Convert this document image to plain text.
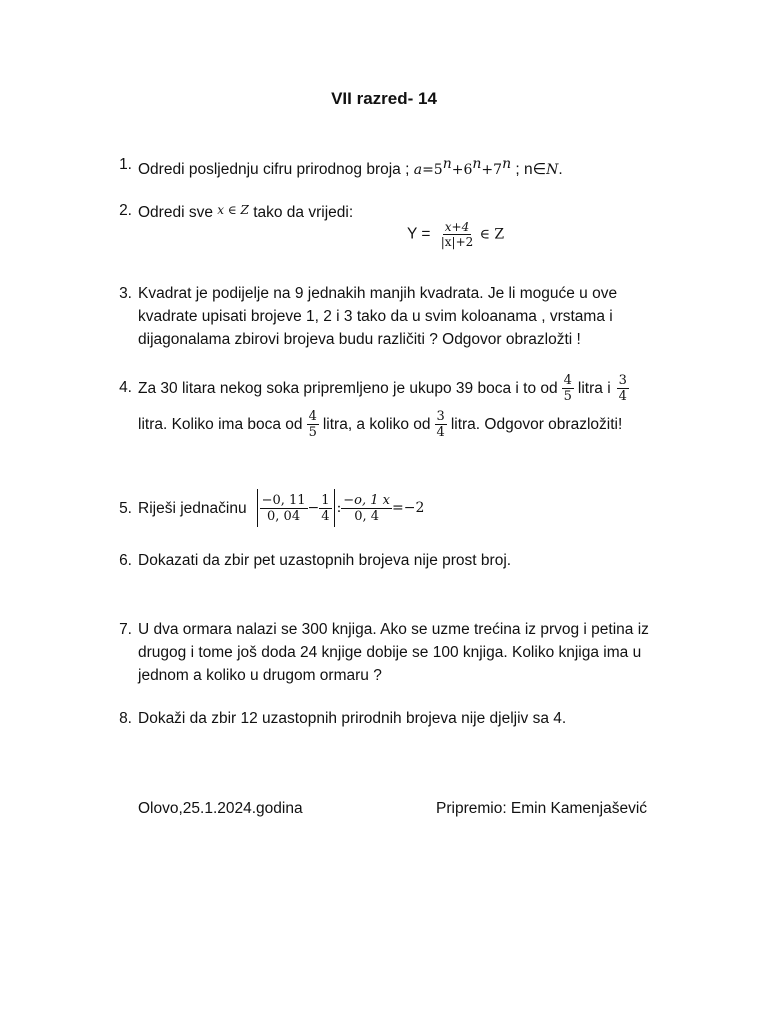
VII razred- 14
1. Odredi posljednju cifru prirodnog broja ; $a=5^n+6^n+7^n$ ; n∈N.
2. Odredi sve x ∈ Z tako da vrijedi:
$Y = \frac{x+4}{|x|+2}$ ∈ Z
3. Kvadrat je podijelje na 9 jednakih manjih kvadrata. Je li moguće u ove
kvadrate upisati brojeve 1, 2 i 3 tako da u svim koloanama , vrstama i
dijagonalama zbirovi brojeva budu različiti ? Odgovor obrazložti !
4. Za 30 litara nekog soka pripremljeno je ukupo 39 boca i to od $\frac{4}{5}$ litra i $\frac{3}{4}$
litra. Koliko ima boca od $\frac{4}{5}$ litra, a koliko od $\frac{3}{4}$ litra. Odgovor obrazložiti!
5. Riješi jednačinu $\frac{-0, 11}{0, 04} - \frac{1}{4}$ : $\frac{-o, 1 x}{0, 4} =-2$
6. Dokazati da zbir pet uzastopnih brojeva nije prost broj.
7. U dva ormara nalazi se 300 knjiga. Ako se uzme trećina iz prvog i petina iz
drugog i tome još doda 24 knjige dobije se 100 knjiga. Koliko knjiga ima u
jednom a koliko u drugom ormaru ?
8. Dokaži da zbir 12 uzastopnih prirodnih brojeva nije djeljiv sa 4.
Olovo,25.1.2024.godina	Pripremio: Emin Kamenjašević
